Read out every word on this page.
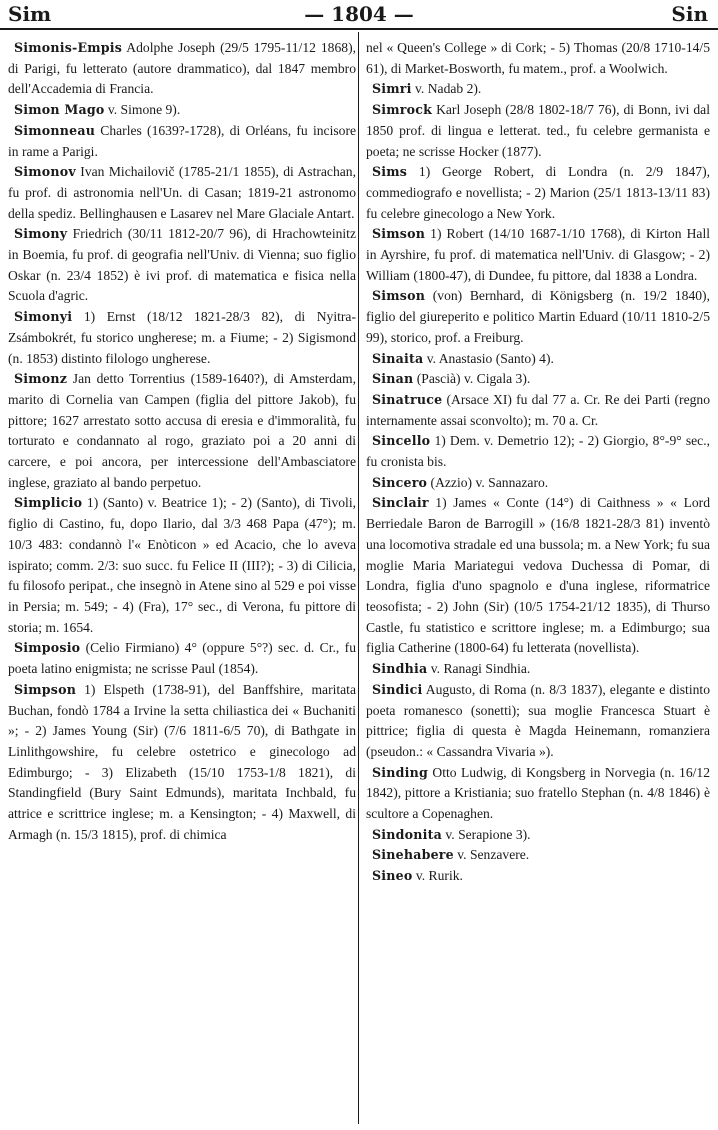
Sim	— 1804 —	Sin

Simonis-Empis Adolphe Joseph (29/5 1795-11/12 1868), di Parigi, fu letterato (autore drammatico), dal 1847 membro dell'Accademia di Francia.

Simon Mago v. Simone 9).

Simonneau Charles (1639?-1728), di Orléans, fu incisore in rame a Parigi.

Simonov Ivan Michailovič (1785-21/1 1855), di Astrachan, fu prof. di astronomia nell'Un. di Casan; 1819-21 astronomo della spediz. Bellinghausen e Lasarev nel Mare Glaciale Antart.

Simony Friedrich (30/11 1812-20/7 96), di Hrachowteinitz in Boemia, fu prof. di geografia nell'Univ. di Vienna; suo figlio Oskar (n. 23/4 1852) è ivi prof. di matematica e fisica nella Scuola d'agric.

Simonyi 1) Ernst (18/12 1821-28/3 82), di Nyitra-Zsámbokrét, fu storico ungherese; m. a Fiume; - 2) Sigismond (n. 1853) distinto filologo ungherese.

Simonz Jan detto Torrentius (1589-1640?), di Amsterdam, marito di Cornelia van Campen (figlia del pittore Jakob), fu pittore; 1627 arrestato sotto accusa di eresia e d'immoralità, fu torturato e condannato al rogo, graziato poi a 20 anni di carcere, e poi ancora, per intercessione dell'Ambasciatore inglese, graziato al bando perpetuo.

Simplicio 1) (Santo) v. Beatrice 1); - 2) (Santo), di Tivoli, figlio di Castino, fu, dopo Ilario, dal 3/3 468 Papa (47°); m. 10/3 483: condannò l'« Enòticon » ed Acacio, che lo aveva ispirato; comm. 2/3: suo succ. fu Felice II (III?); - 3) di Cilicia, fu filosofo peripat., che insegnò in Atene sino al 529 e poi visse in Persia; m. 549; - 4) (Fra), 17° sec., di Verona, fu pittore di storia; m. 1654.

Simposio (Celio Firmiano) 4° (oppure 5°?) sec. d. Cr., fu poeta latino enigmista; ne scrisse Paul (1854).

Simpson 1) Elspeth (1738-91), del Banffshire, maritata Buchan, fondò 1784 a Irvine la setta chiliastica dei « Buchaniti »; - 2) James Young (Sir) (7/6 1811-6/5 70), di Bathgate in Linlithgowshire, fu celebre ostetrico e ginecologo ad Edimburgo; - 3) Elizabeth (15/10 1753-1/8 1821), di Standingfield (Bury Saint Edmunds), maritata Inchbald, fu attrice e scrittrice inglese; m. a Kensington; - 4) Maxwell, di Armagh (n. 15/3 1815), prof. di chimica

nel « Queen's College » di Cork; - 5) Thomas (20/8 1710-14/5 61), di Market-Bosworth, fu matem., prof. a Woolwich.

Simri v. Nadab 2).

Simrock Karl Joseph (28/8 1802-18/7 76), di Bonn, ivi dal 1850 prof. di lingua e letterat. ted., fu celebre germanista e poeta; ne scrisse Hocker (1877).

Sims 1) George Robert, di Londra (n. 2/9 1847), commediografo e novellista; - 2) Marion (25/1 1813-13/11 83) fu celebre ginecologo a New York.

Simson 1) Robert (14/10 1687-1/10 1768), di Kirton Hall in Ayrshire, fu prof. di matematica nell'Univ. di Glasgow; - 2) William (1800-47), di Dundee, fu pittore, dal 1838 a Londra.

Simson (von) Bernhard, di Königsberg (n. 19/2 1840), figlio del giureperito e politico Martin Eduard (10/11 1810-2/5 99), storico, prof. a Freiburg.

Sinaita v. Anastasio (Santo) 4).

Sinan (Pascià) v. Cigala 3).

Sinatruce (Arsace XI) fu dal 77 a. Cr. Re dei Parti (regno internamente assai sconvolto); m. 70 a. Cr.

Sincello 1) Dem. v. Demetrio 12); - 2) Giorgio, 8°-9° sec., fu cronista bis.

Sincero (Azzio) v. Sannazaro.

Sinclair 1) James « Conte (14°) di Caithness » « Lord Berriedale Baron de Barrogill » (16/8 1821-28/3 81) inventò una locomotiva stradale ed una bussola; m. a New York; fu sua moglie Maria Mariategui vedova Duchessa di Pomar, di Londra, figlia d'uno spagnolo e d'una inglese, riformatrice teosofista; - 2) John (Sir) (10/5 1754-21/12 1835), di Thurso Castle, fu statistico e scrittore inglese; m. a Edimburgo; sua figlia Catherine (1800-64) fu letterata (novellista).

Sindhia v. Ranagi Sindhia.

Sindici Augusto, di Roma (n. 8/3 1837), elegante e distinto poeta romanesco (sonetti); sua moglie Francesca Stuart è pittrice; figlia di questa è Magda Heinemann, romanziera (pseudon.: « Cassandra Vivaria »).

Sinding Otto Ludwig, di Kongsberg in Norvegia (n. 16/12 1842), pittore a Kristiania; suo fratello Stephan (n. 4/8 1846) è scultore a Copenaghen.

Sindonita v. Serapione 3).

Sinehabere v. Senzavere.

Sineo v. Rurik.
